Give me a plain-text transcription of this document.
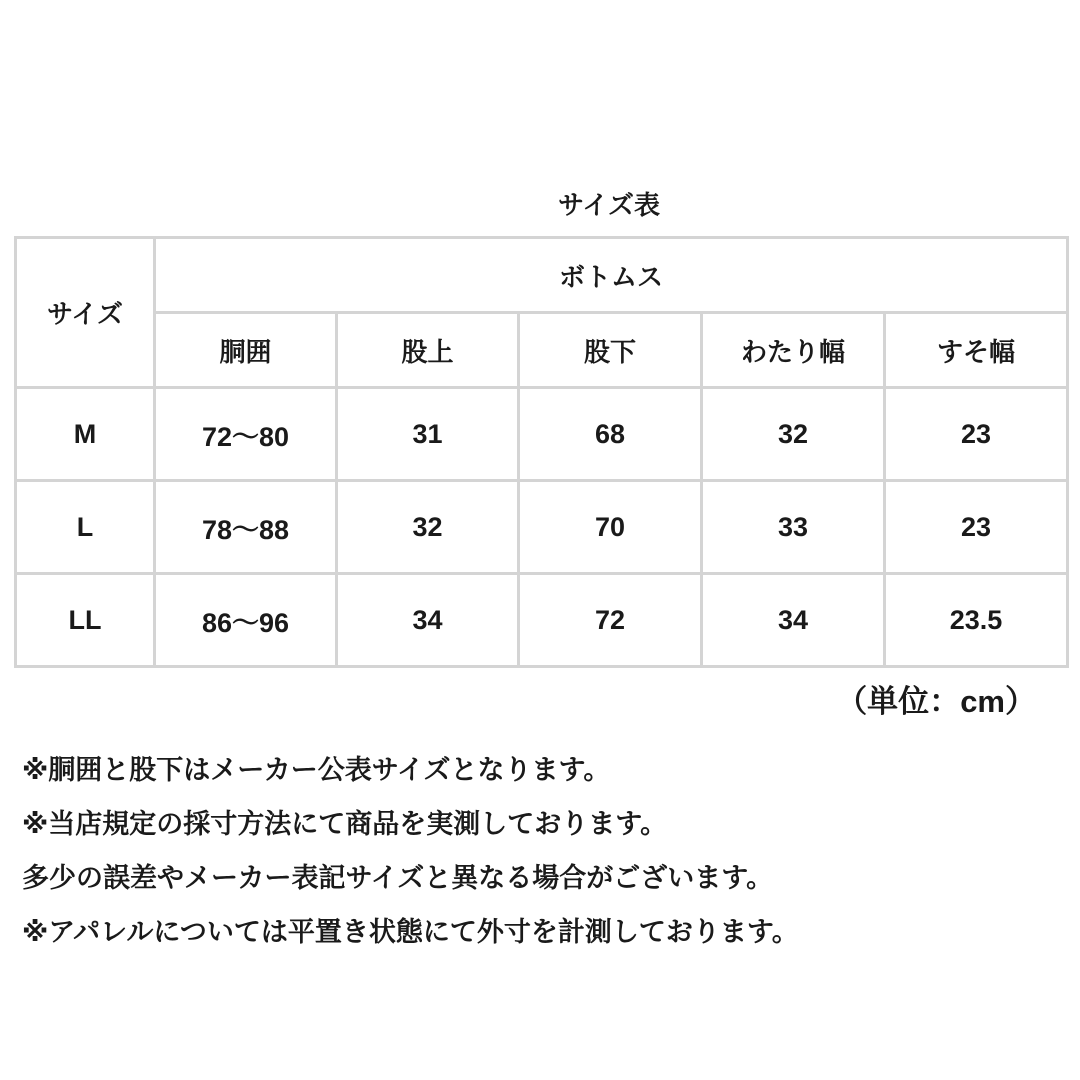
サイズ表
サイズ	ボトムス				
	胴囲	股上	股下	わたり幅	すそ幅
M	72～80	31	68	32	23
L	78～88	32	70	33	23
LL	86～96	34	72	34	23.5
（単位：cm）
※胴囲と股下はメーカー公表サイズとなります。
※当店規定の採寸方法にて商品を実測しております。
多少の誤差やメーカー表記サイズと異なる場合がございます。
※アパレルについては平置き状態にて外寸を計測しております。
